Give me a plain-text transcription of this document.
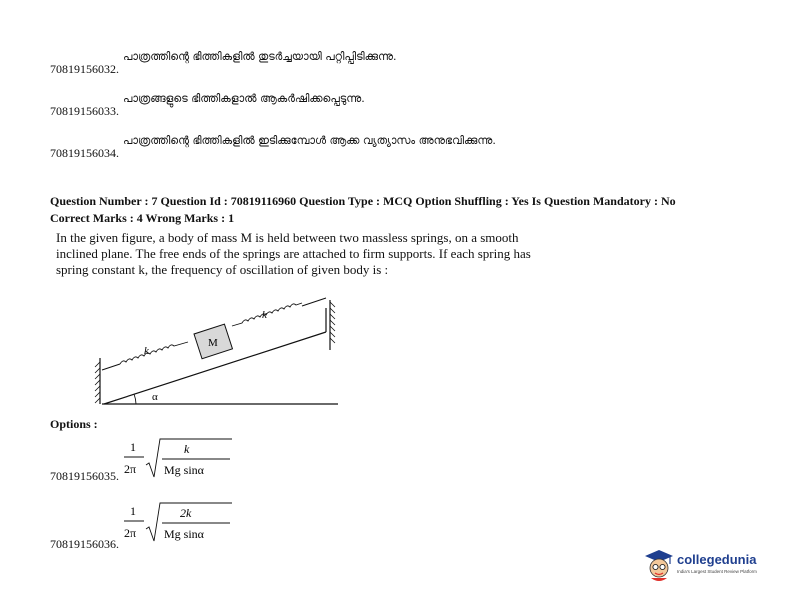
പാത്രത്തിന്റെ ഭിത്തികളിൽ തുടർച്ചയായി പറ്റിപ്പിടിക്കുന്നു.
70819156032.
പാത്രങ്ങളുടെ ഭിത്തികളാൽ ആകർഷിക്കപ്പെടുന്നു.
70819156033.
പാത്രത്തിന്റെ ഭിത്തികളിൽ ഇടിക്കുമ്പോൾ ആക്ക വ്യത്യാസം അനുഭവിക്കുന്നു.
70819156034.
Question Number : 7 Question Id : 70819116960 Question Type : MCQ Option Shuffling : Yes Is Question Mandatory : No
Correct Marks : 4 Wrong Marks : 1
In the given figure, a body of mass M is held between two massless springs, on a smooth
inclined plane. The free ends of the springs are attached to firm supports. If each spring has
spring constant k, the frequency of oscillation of given body is :
M
k
k
α
Options :
70819156035.
1
2π
k
Mg sinα
70819156036.
1
2π
2k
Mg sinα
collegedunia
India's Largest Student Review Platform
